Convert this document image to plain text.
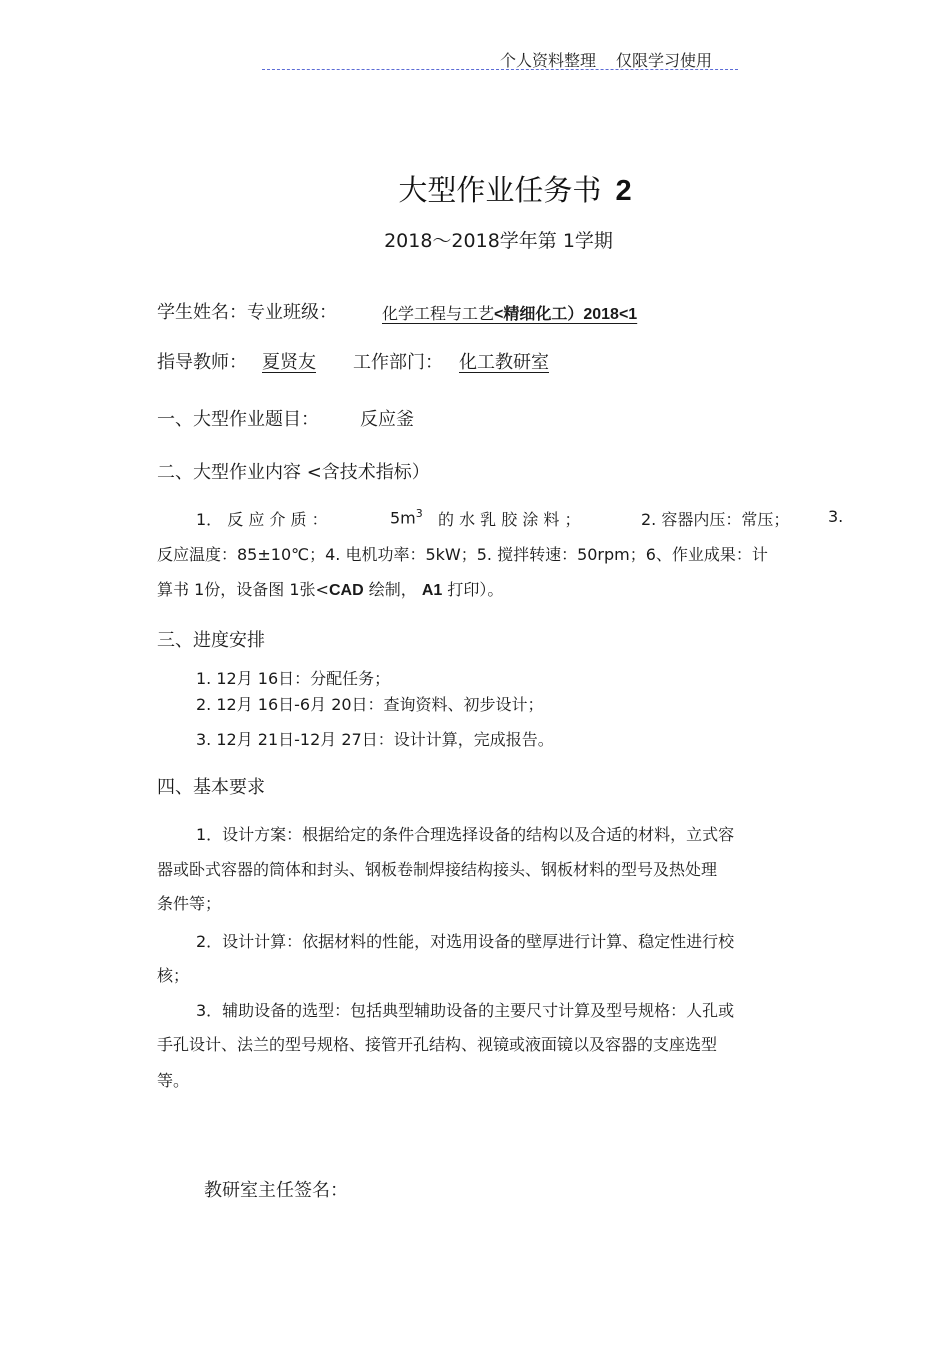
个人资料整理 仅限学习使用
大型作业任务书 2
2018～2018学年第 1学期
学生姓名：专业班级：	化学工程与工艺<精细化工）2018<1
指导教师： 夏贤友 工作部门： 化工教研室
一、大型作业题目： 反应釜
二、大型作业内容 <含技术指标）
1． 反 应 介 质 ：	$5m^3$ 的 水 乳 胶 涂 料 ；	2. 容器内压：常压； 3.
反应温度：85±10℃；4. 电机功率：5kW；5. 搅拌转速：50rpm；6、作业成果：计
算书 1份，设备图 1张<CAD 绘制， A1 打印）。
三、进度安排
1. 12月 16日：分配任务；
2. 12月 16日-6月 20日：查询资料、初步设计；
3. 12月 21日-12月 27日：设计计算，完成报告。
四、基本要求
1．设计方案：根据给定的条件合理选择设备的结构以及合适的材料，立式容
器或卧式容器的筒体和封头、钢板卷制焊接结构接头、钢板材料的型号及热处理
条件等；
2．设计计算：依据材料的性能，对选用设备的壁厚进行计算、稳定性进行校
核；
3．辅助设备的选型：包括典型辅助设备的主要尺寸计算及型号规格：人孔或
手孔设计、法兰的型号规格、接管开孔结构、视镜或液面镜以及容器的支座选型
等。
教研室主任签名：
